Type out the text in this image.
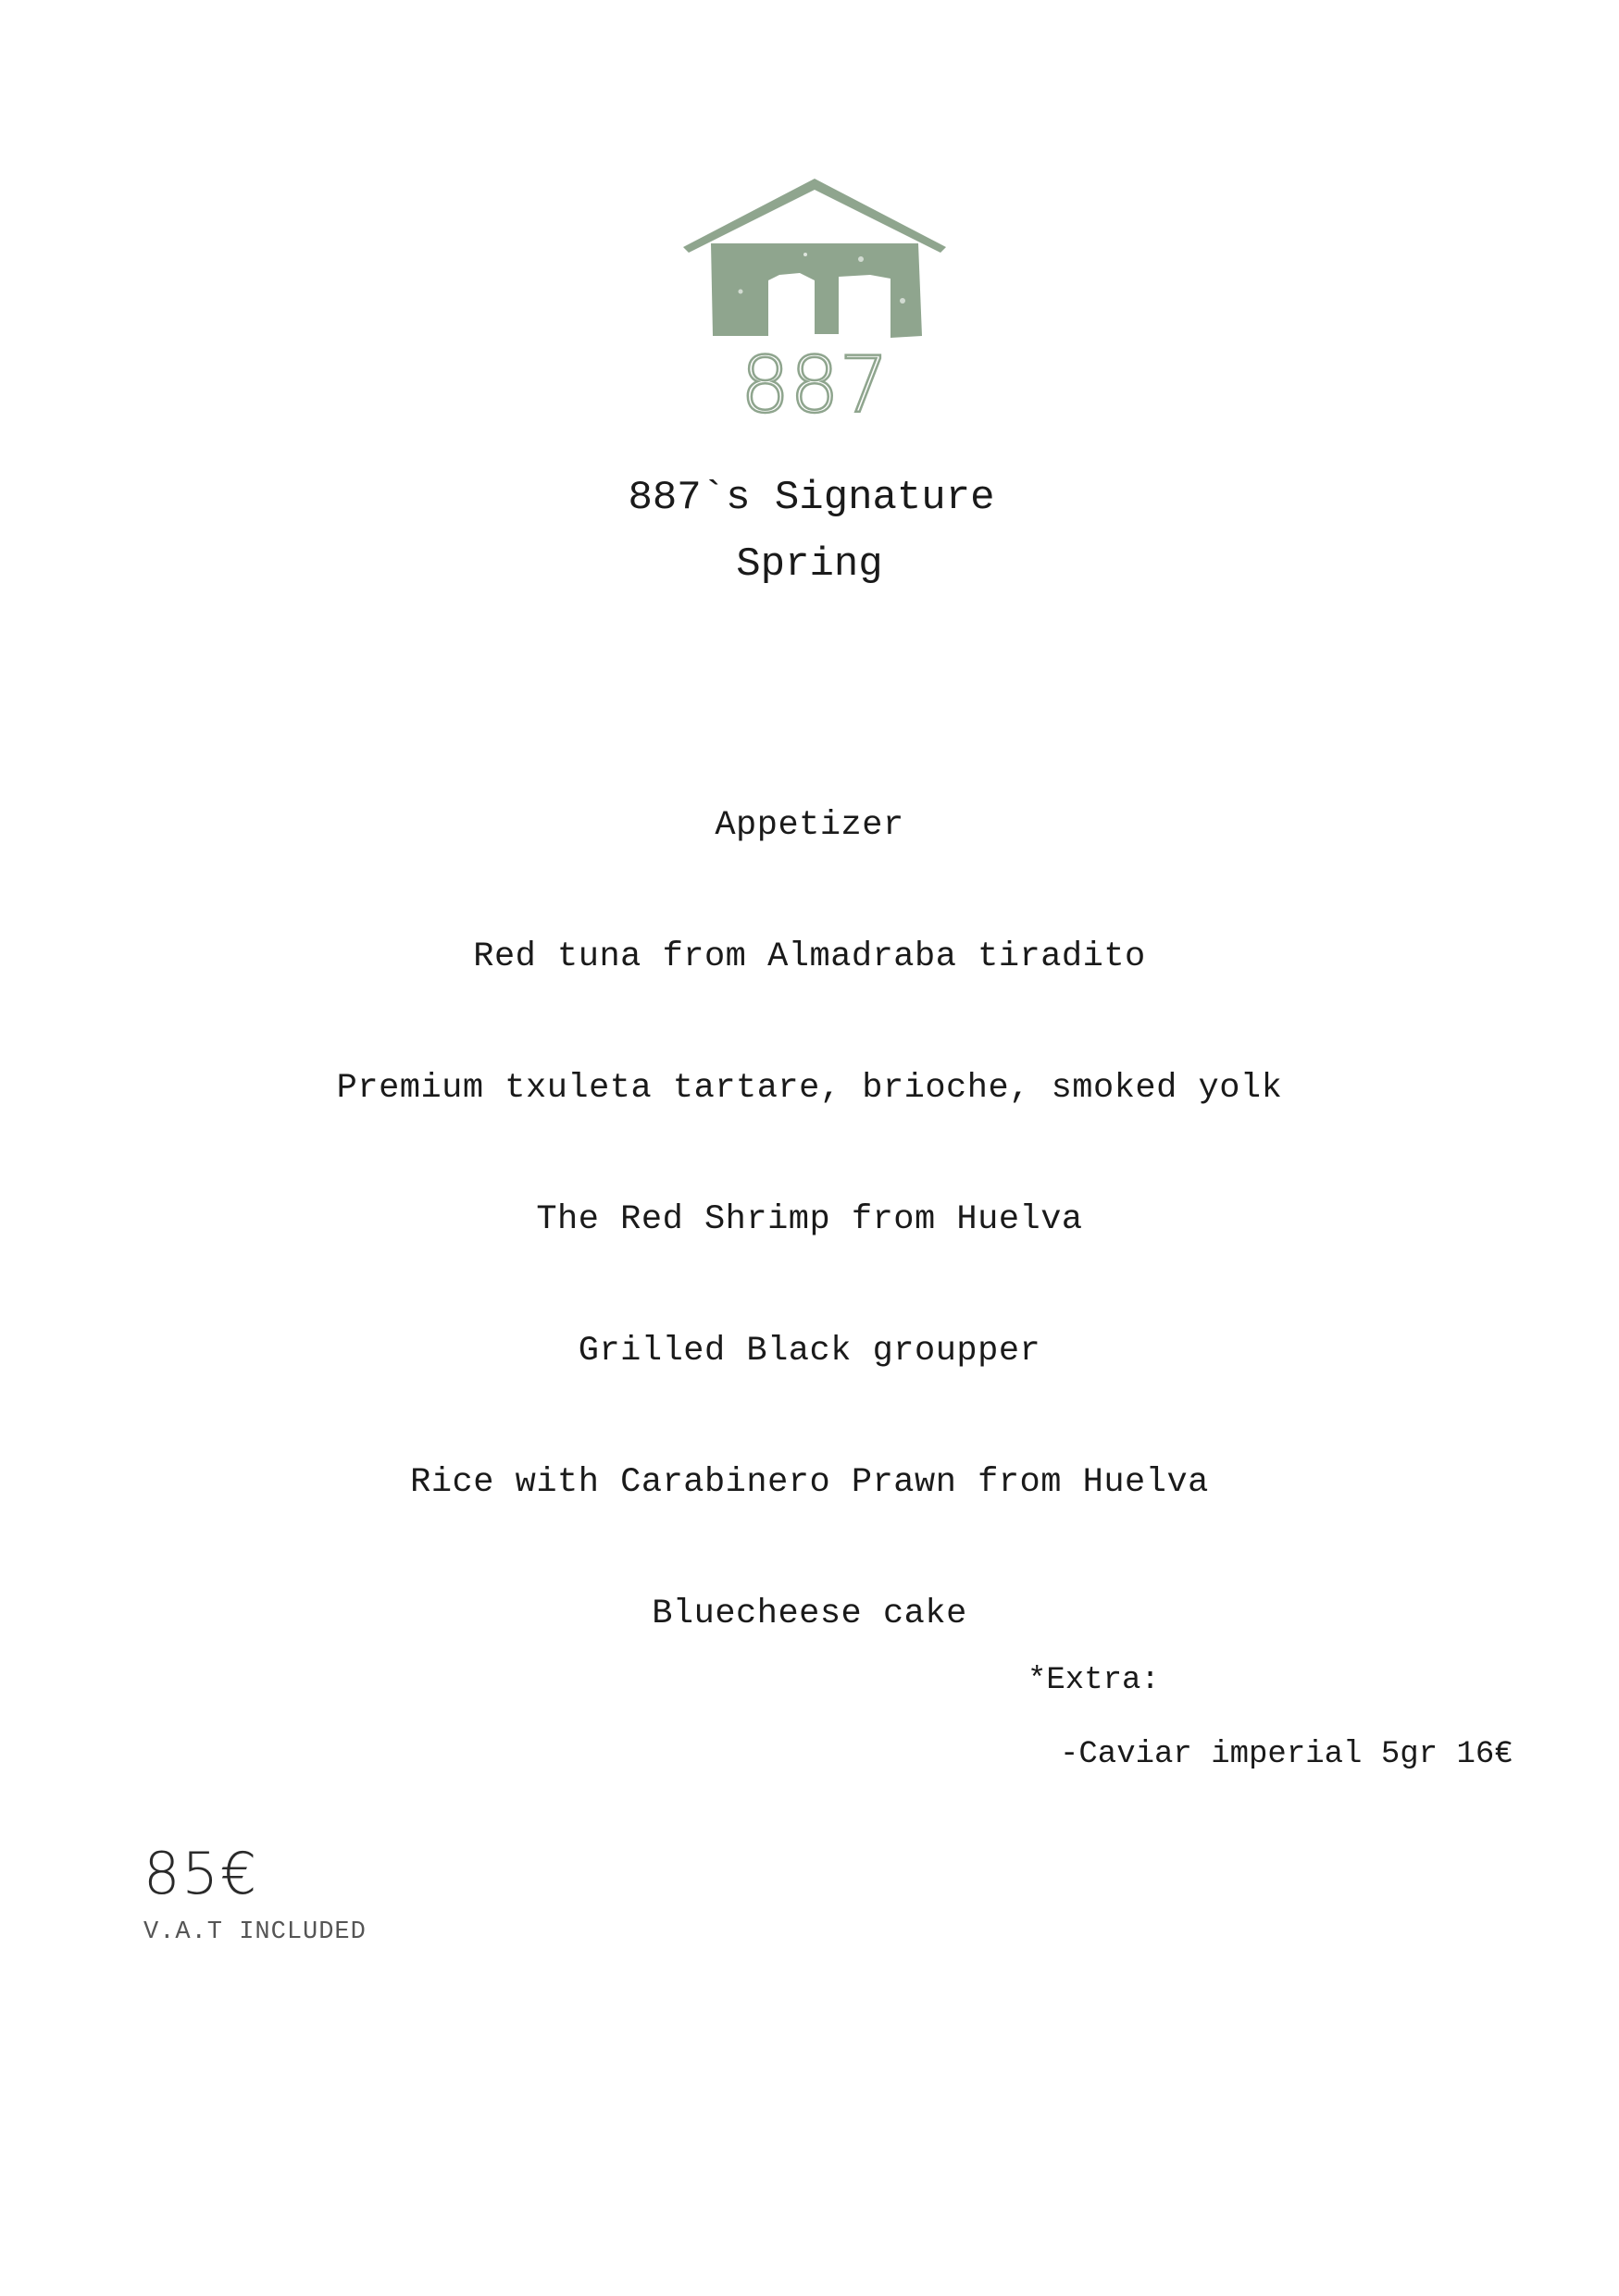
887
887`s Signature
Spring
Appetizer
Red tuna from Almadraba tiradito
Premium txuleta tartare, brioche, smoked yolk
The Red Shrimp from Huelva
Grilled Black groupper
Rice with Carabinero Prawn from Huelva
Bluecheese cake
*Extra:
-Caviar imperial 5gr 16€
85€
V.A.T INCLUDED
